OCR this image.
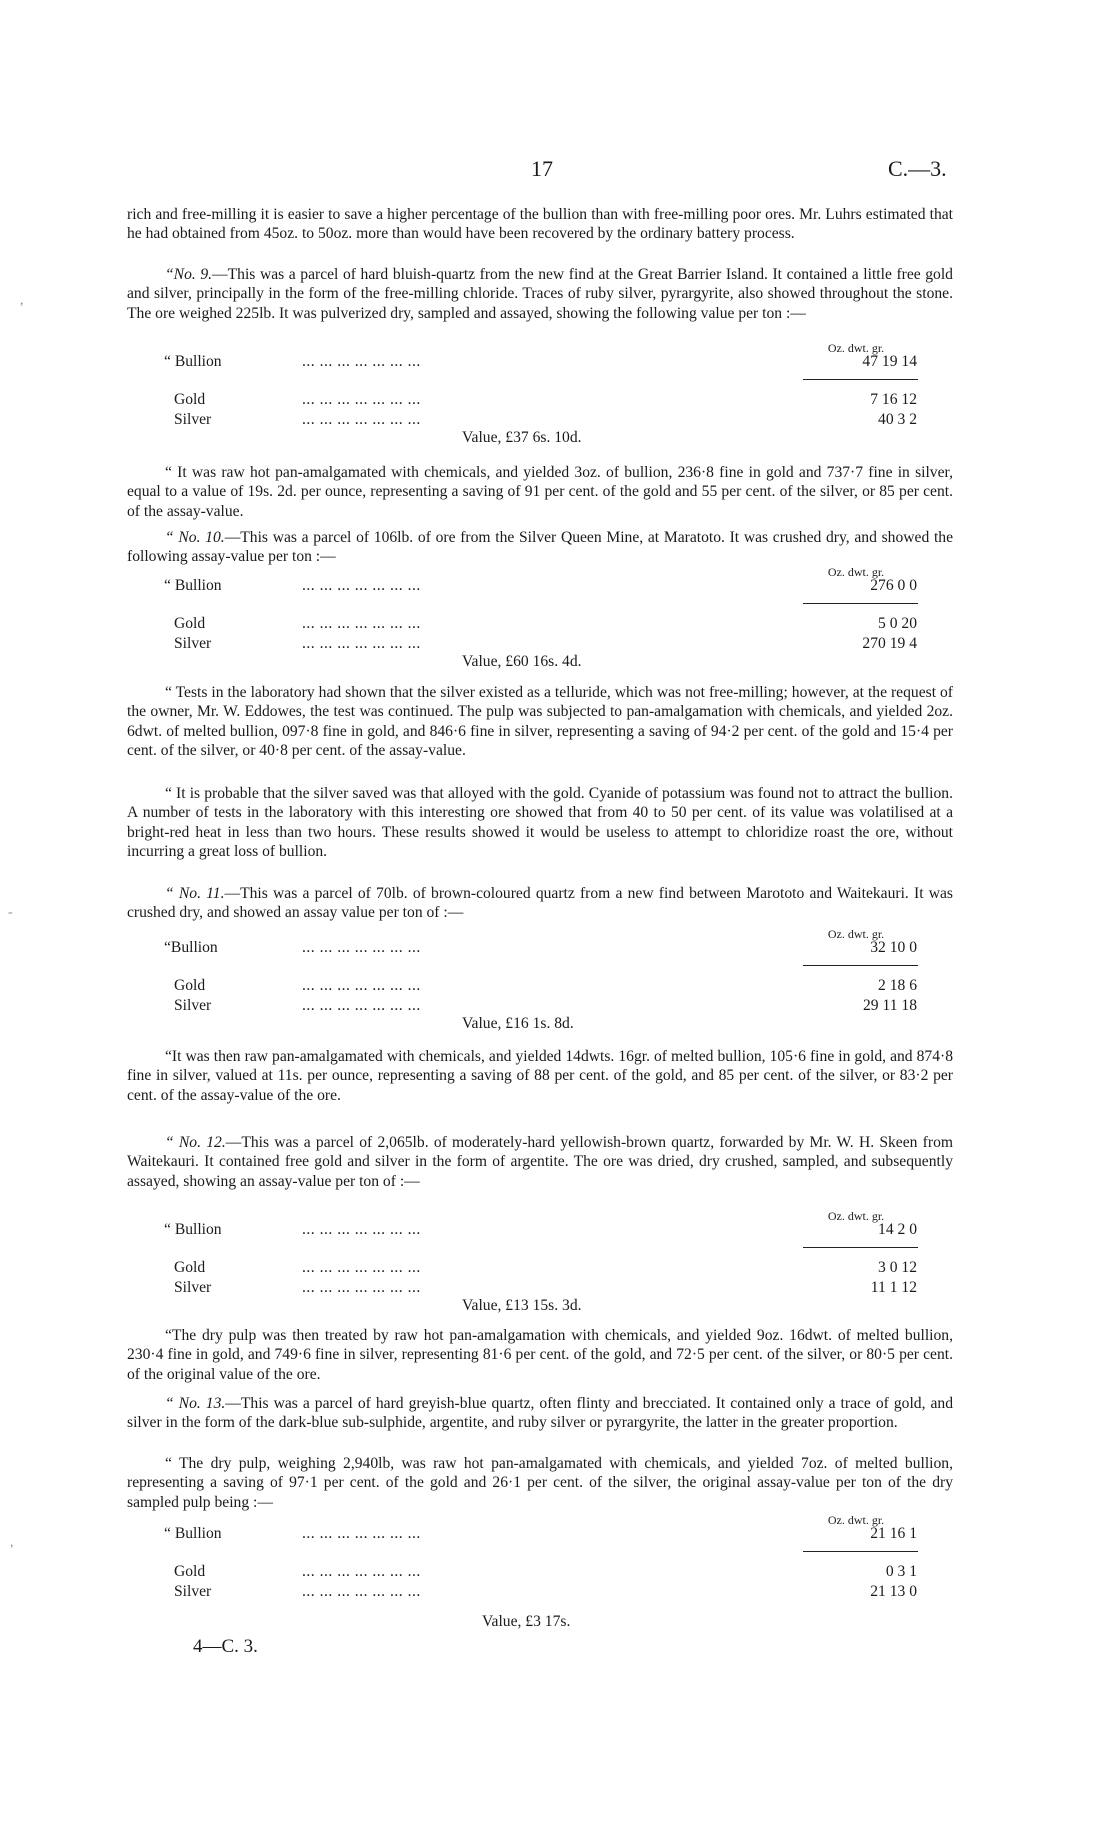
17	C.—3.

rich and free-milling it is easier to save a higher percentage of the bullion than with free-milling poor ores. Mr. Luhrs estimated that he had obtained from 45oz. to 50oz. more than would have been recovered by the ordinary battery process.

“No. 9.—This was a parcel of hard bluish-quartz from the new find at the Great Barrier Island. It contained a little free gold and silver, principally in the form of the free-milling chloride. Traces of ruby silver, pyrargyrite, also showed throughout the stone. The ore weighed 225lb. It was pulverized dry, sampled and assayed, showing the following value per ton :—

Oz. dwt. gr.
“ Bullion	... ... ... ... ... ... ...	47 19 14
Gold	... ... ... ... ... ... ...	7 16 12
Silver	... ... ... ... ... ... ...	40 3 2
Value, £37 6s. 10d.

“ It was raw hot pan-amalgamated with chemicals, and yielded 3oz. of bullion, 236·8 fine in gold and 737·7 fine in silver, equal to a value of 19s. 2d. per ounce, representing a saving of 91 per cent. of the gold and 55 per cent. of the silver, or 85 per cent. of the assay-value.

“ No. 10.—This was a parcel of 106lb. of ore from the Silver Queen Mine, at Maratoto. It was crushed dry, and showed the following assay-value per ton :—

Oz. dwt. gr.
“ Bullion	... ... ... ... ... ... ...	276 0 0
Gold	... ... ... ... ... ... ...	5 0 20
Silver	... ... ... ... ... ... ...	270 19 4
Value, £60 16s. 4d.

“ Tests in the laboratory had shown that the silver existed as a telluride, which was not free-milling; however, at the request of the owner, Mr. W. Eddowes, the test was continued. The pulp was subjected to pan-amalgamation with chemicals, and yielded 2oz. 6dwt. of melted bullion, 097·8 fine in gold, and 846·6 fine in silver, representing a saving of 94·2 per cent. of the gold and 15·4 per cent. of the silver, or 40·8 per cent. of the assay-value.

“ It is probable that the silver saved was that alloyed with the gold. Cyanide of potassium was found not to attract the bullion. A number of tests in the laboratory with this interesting ore showed that from 40 to 50 per cent. of its value was volatilised at a bright-red heat in less than two hours. These results showed it would be useless to attempt to chloridize roast the ore, without incurring a great loss of bullion.

“ No. 11.—This was a parcel of 70lb. of brown-coloured quartz from a new find between Marototo and Waitekauri. It was crushed dry, and showed an assay value per ton of :—

Oz. dwt. gr.
“Bullion	... ... ... ... ... ... ...	32 10 0
Gold	... ... ... ... ... ... ...	2 18 6
Silver	... ... ... ... ... ... ...	29 11 18
Value, £16 1s. 8d.

“It was then raw pan-amalgamated with chemicals, and yielded 14dwts. 16gr. of melted bullion, 105·6 fine in gold, and 874·8 fine in silver, valued at 11s. per ounce, representing a saving of 88 per cent. of the gold, and 85 per cent. of the silver, or 83·2 per cent. of the assay-value of the ore.

“ No. 12.—This was a parcel of 2,065lb. of moderately-hard yellowish-brown quartz, forwarded by Mr. W. H. Skeen from Waitekauri. It contained free gold and silver in the form of argentite. The ore was dried, dry crushed, sampled, and subsequently assayed, showing an assay-value per ton of :—

Oz. dwt. gr.
“ Bullion	... ... ... ... ... ... ...	14 2 0
Gold	... ... ... ... ... ... ...	3 0 12
Silver	... ... ... ... ... ... ...	11 1 12
Value, £13 15s. 3d.

“The dry pulp was then treated by raw hot pan-amalgamation with chemicals, and yielded 9oz. 16dwt. of melted bullion, 230·4 fine in gold, and 749·6 fine in silver, representing 81·6 per cent. of the gold, and 72·5 per cent. of the silver, or 80·5 per cent. of the original value of the ore.

“ No. 13.—This was a parcel of hard greyish-blue quartz, often flinty and brecciated. It contained only a trace of gold, and silver in the form of the dark-blue sub-sulphide, argentite, and ruby silver or pyrargyrite, the latter in the greater proportion.

“ The dry pulp, weighing 2,940lb, was raw hot pan-amalgamated with chemicals, and yielded 7oz. of melted bullion, representing a saving of 97·1 per cent. of the gold and 26·1 per cent. of the silver, the original assay-value per ton of the dry sampled pulp being :—

Oz. dwt. gr.
“ Bullion	... ... ... ... ... ... ...	21 16 1
Gold	... ... ... ... ... ... ...	0 3 1
Silver	... ... ... ... ... ... ...	21 13 0
Value, £3 17s.
4—C. 3.
,
-
,
